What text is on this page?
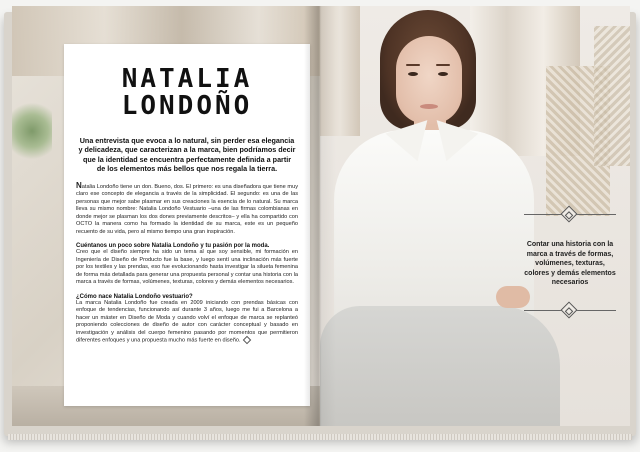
NATALIA
LONDOÑO

Una entrevista que evoca a lo natural, sin perder esa elegancia y delicadeza, que caracterizan a la marca, bien podríamos decir que la identidad se encuentra perfectamente definida a partir de los elementos más bellos que nos regala la tierra.

Natalia Londoño tiene un don. Bueno, dos. El primero: es una diseñadora que tiene muy claro ese concepto de elegancia a través de la simplicidad. El segundo: es una de las personas que mejor sabe plasmar en sus creaciones la esencia de lo natural. Su marca lleva su mismo nombre: Natalia Londoño Vestuario –una de las firmas colombianas en donde mejor se plasman los dos dones previamente descritos– y ella ha compartido con OCTO la manera como ha formado la identidad de su marca, este es un pequeño recuento de su vida, pero al mismo tiempo una gran inspiración.

Cuéntanos un poco sobre Natalia Londoño y tu pasión por la moda.

Creo que el diseño siempre ha sido un tema al que soy sensible, mi formación en Ingeniería de Diseño de Producto fue la base, y luego sentí una inclinación más fuerte por los textiles y las prendas, eso fue evolucionando hasta investigar la silueta femenina de forma más detallada para generar una propuesta personal y contar una historia con la marca a través de formas, volúmenes, texturas, colores y demás elementos necesarios.

¿Cómo nace Natalia Londoño vestuario?

La marca Natalia Londoño fue creada en 2009 iniciando con prendas básicas con enfoque de tendencias, funcionando así durante 3 años, luego me fui a Barcelona a hacer un máster en Diseño de Moda y cuando volví el enfoque de marca se replanteó proponiendo colecciones de diseño de autor con carácter conceptual y basado en investigación y análisis del cuerpo femenino pasando por momentos que permitieron diferentes enfoques y una propuesta mucho más fuerte en diseño.

Contar una historia con la marca a través de formas, volúmenes, texturas, colores y demás elementos necesarios
